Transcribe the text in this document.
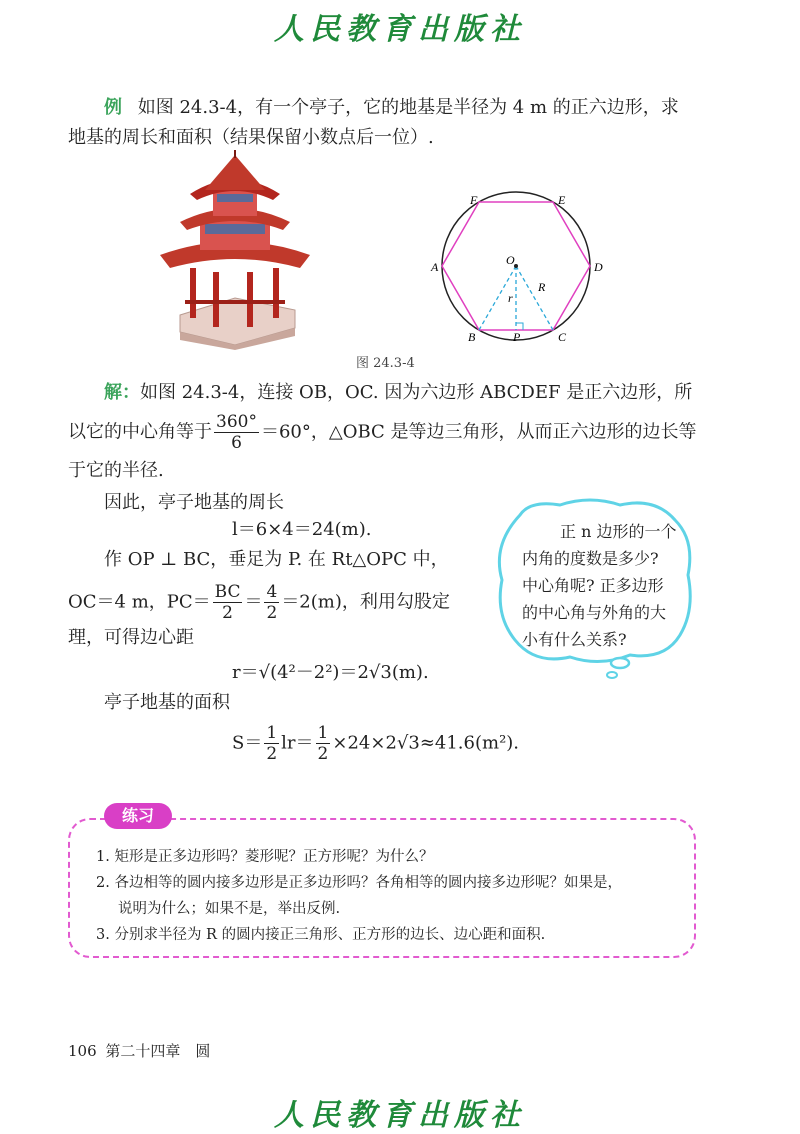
人民教育出版社
例 如图 24.3-4，有一个亭子，它的地基是半径为 4 m 的正六边形，求
地基的周长和面积（结果保留小数点后一位）.
F	E
A	D
O
R
r
B	P	C
图 24.3-4
解：如图 24.3-4，连接 OB，OC. 因为六边形 ABCDEF 是正六边形，所
以它的中心角等于 $\frac{360^\circ}{6} =60^\circ$，△OBC 是等边三角形，从而正六边形的边长等
于它的半径.
因此，亭子地基的周长
l＝6×4＝24(m).
作 OP ⊥ BC，垂足为 P. 在 Rt△OPC 中，
OC＝4 m，$PC= \frac{BC}{2} = \frac{4}{2} =2(m)$，利用勾股定
理，可得边心距
r＝√(4²－2²)＝2√3(m).
亭子地基的面积
$S= \frac{1}{2} lr= \frac{1}{2} \times 24\times 2√3\approx 41.6(m^2)$.
正 n 边形的一个
内角的度数是多少?
中心角呢? 正多边形
的中心角与外角的大
小有什么关系?
练习
1. 矩形是正多边形吗？菱形呢？正方形呢？为什么？
2. 各边相等的圆内接多边形是正多边形吗？各角相等的圆内接多边形呢？如果是，
说明为什么；如果不是，举出反例.
3. 分别求半径为 R 的圆内接正三角形、正方形的边长、边心距和面积.
106 第二十四章　圆
人民教育出版社
